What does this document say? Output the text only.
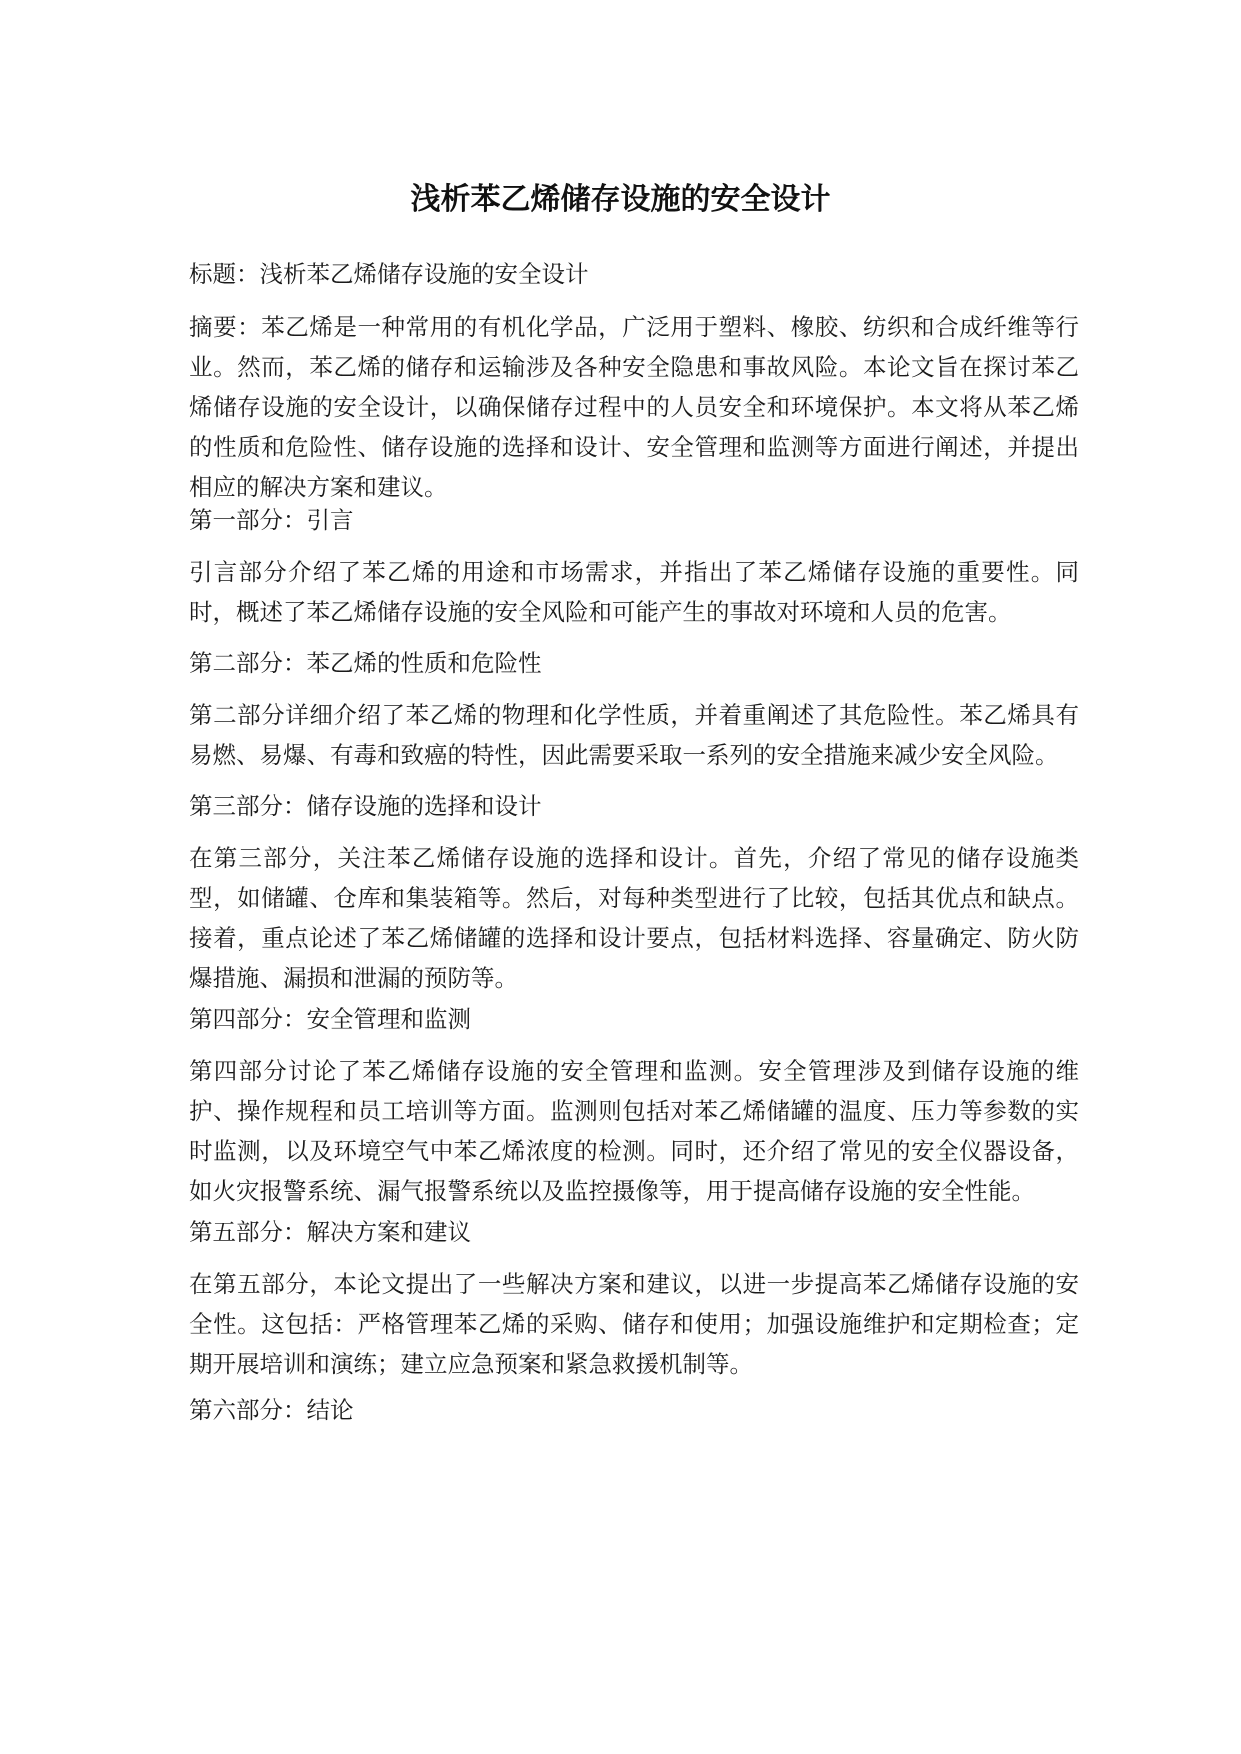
浅析苯乙烯储存设施的安全设计

标题：浅析苯乙烯储存设施的安全设计

摘要：苯乙烯是一种常用的有机化学品，广泛用于塑料、橡胶、纺织和合成纤维等行业。然而，苯乙烯的储存和运输涉及各种安全隐患和事故风险。本论文旨在探讨苯乙烯储存设施的安全设计，以确保储存过程中的人员安全和环境保护。本文将从苯乙烯的性质和危险性、储存设施的选择和设计、安全管理和监测等方面进行阐述，并提出相应的解决方案和建议。

第一部分：引言

引言部分介绍了苯乙烯的用途和市场需求，并指出了苯乙烯储存设施的重要性。同时，概述了苯乙烯储存设施的安全风险和可能产生的事故对环境和人员的危害。

第二部分：苯乙烯的性质和危险性

第二部分详细介绍了苯乙烯的物理和化学性质，并着重阐述了其危险性。苯乙烯具有易燃、易爆、有毒和致癌的特性，因此需要采取一系列的安全措施来减少安全风险。

第三部分：储存设施的选择和设计

在第三部分，关注苯乙烯储存设施的选择和设计。首先，介绍了常见的储存设施类型，如储罐、仓库和集装箱等。然后，对每种类型进行了比较，包括其优点和缺点。接着，重点论述了苯乙烯储罐的选择和设计要点，包括材料选择、容量确定、防火防爆措施、漏损和泄漏的预防等。

第四部分：安全管理和监测

第四部分讨论了苯乙烯储存设施的安全管理和监测。安全管理涉及到储存设施的维护、操作规程和员工培训等方面。监测则包括对苯乙烯储罐的温度、压力等参数的实时监测，以及环境空气中苯乙烯浓度的检测。同时，还介绍了常见的安全仪器设备，如火灾报警系统、漏气报警系统以及监控摄像等，用于提高储存设施的安全性能。

第五部分：解决方案和建议

在第五部分，本论文提出了一些解决方案和建议，以进一步提高苯乙烯储存设施的安全性。这包括：严格管理苯乙烯的采购、储存和使用；加强设施维护和定期检查；定期开展培训和演练；建立应急预案和紧急救援机制等。

第六部分：结论
